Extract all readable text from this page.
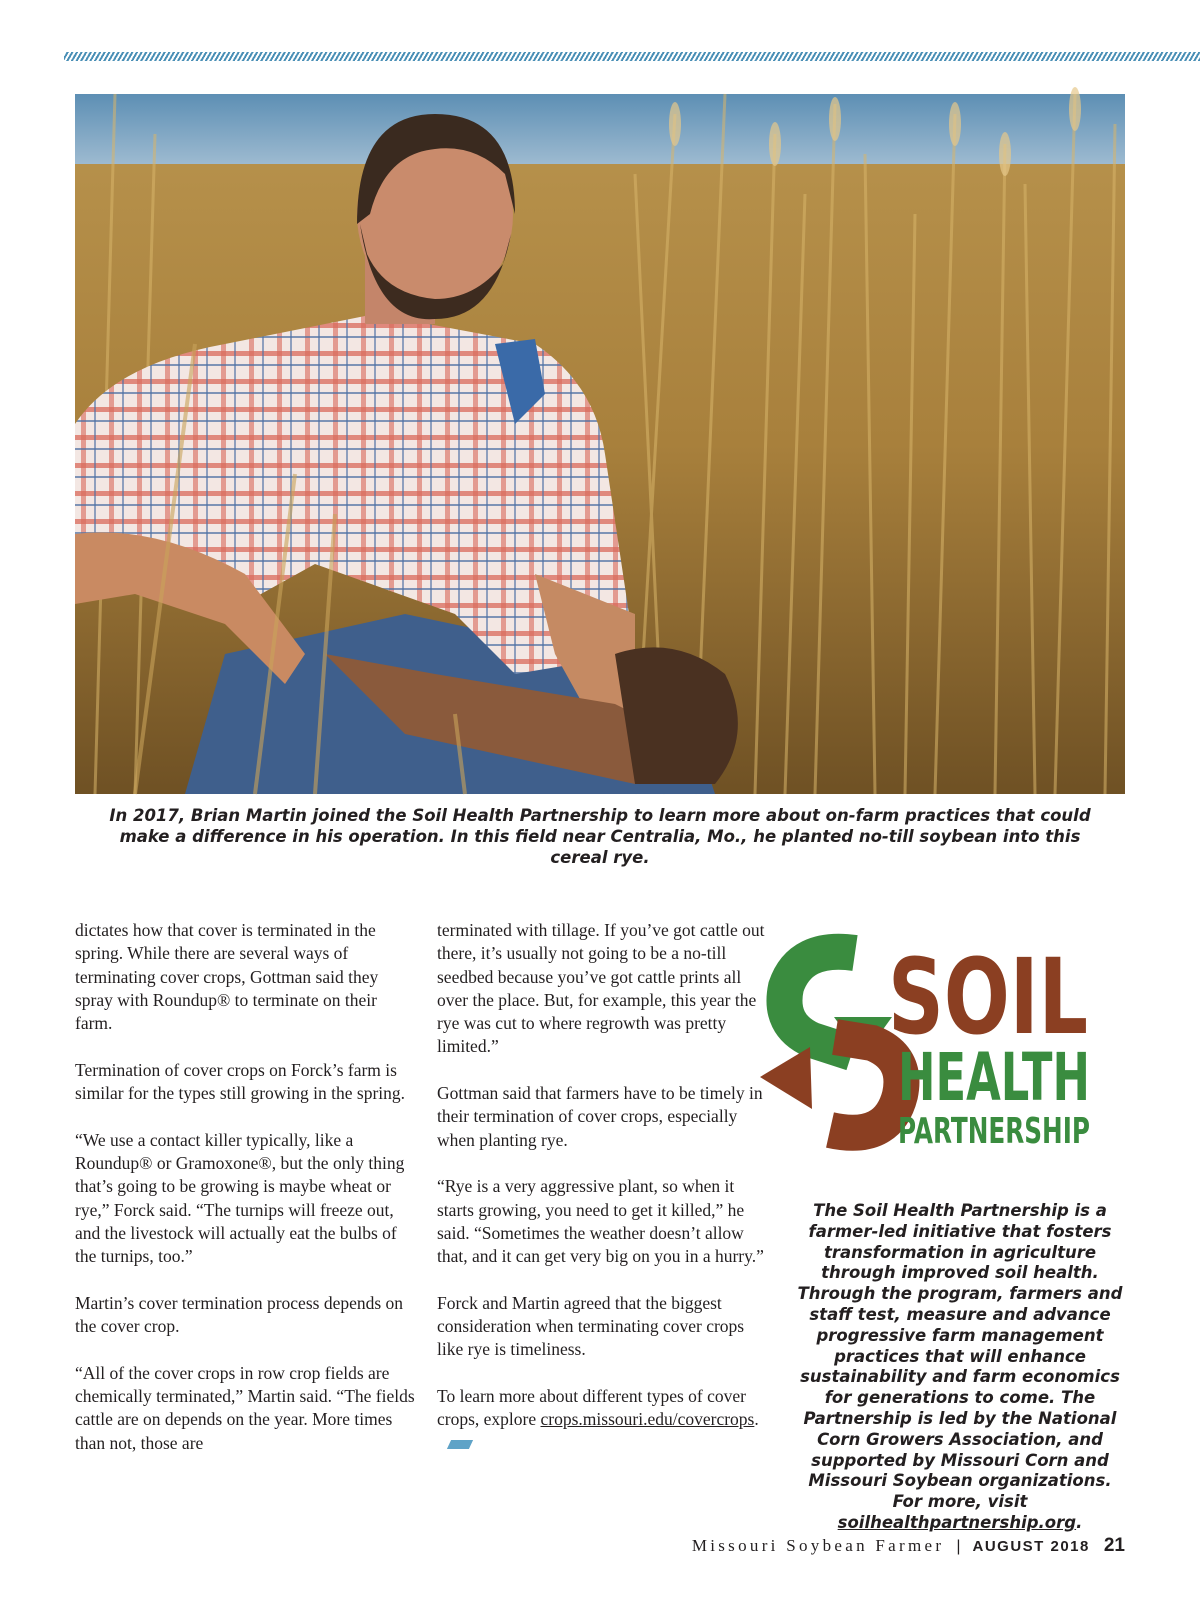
In 2017, Brian Martin joined the Soil Health Partnership to learn more about on-farm practices that could make a difference in his operation. In this field near Centralia, Mo., he planted no-till soybean into this cereal rye.

dictates how that cover is terminated in the spring. While there are several ways of terminating cover crops, Gottman said they spray with Roundup® to terminate on their farm.

Termination of cover crops on Forck’s farm is similar for the types still growing in the spring.

“We use a contact killer typically, like a Roundup® or Gramoxone®, but the only thing that’s going to be growing is maybe wheat or rye,” Forck said. “The turnips will freeze out, and the livestock will actually eat the bulbs of the turnips, too.”

Martin’s cover termination process depends on the cover crop.

“All of the cover crops in row crop fields are chemically terminated,” Martin said. “The fields cattle are on depends on the year. More times than not, those are

terminated with tillage. If you’ve got cattle out there, it’s usually not going to be a no-till seedbed because you’ve got cattle prints all over the place. But, for example, this year the rye was cut to where regrowth was pretty limited.”

Gottman said that farmers have to be timely in their termination of cover crops, especially when planting rye.

“Rye is a very aggressive plant, so when it starts growing, you need to get it killed,” he said. “Sometimes the weather doesn’t allow that, and it can get very big on you in a hurry.”

Forck and Martin agreed that the biggest consideration when terminating cover crops like rye is timeliness.

To learn more about different types of cover crops, explore crops.missouri.edu/covercrops.

SOIL
HEALTH
PARTNERSHIP
The Soil Health Partnership is a farmer-led initiative that fosters transformation in agriculture through improved soil health. Through the program, farmers and staff test, measure and advance progressive farm management practices that will enhance sustainability and farm economics for generations to come. The Partnership is led by the National Corn Growers Association, and supported by Missouri Corn and Missouri Soybean organizations. For more, visit soilhealthpartnership.org.
Missouri Soybean Farmer | AUGUST 2018 21
